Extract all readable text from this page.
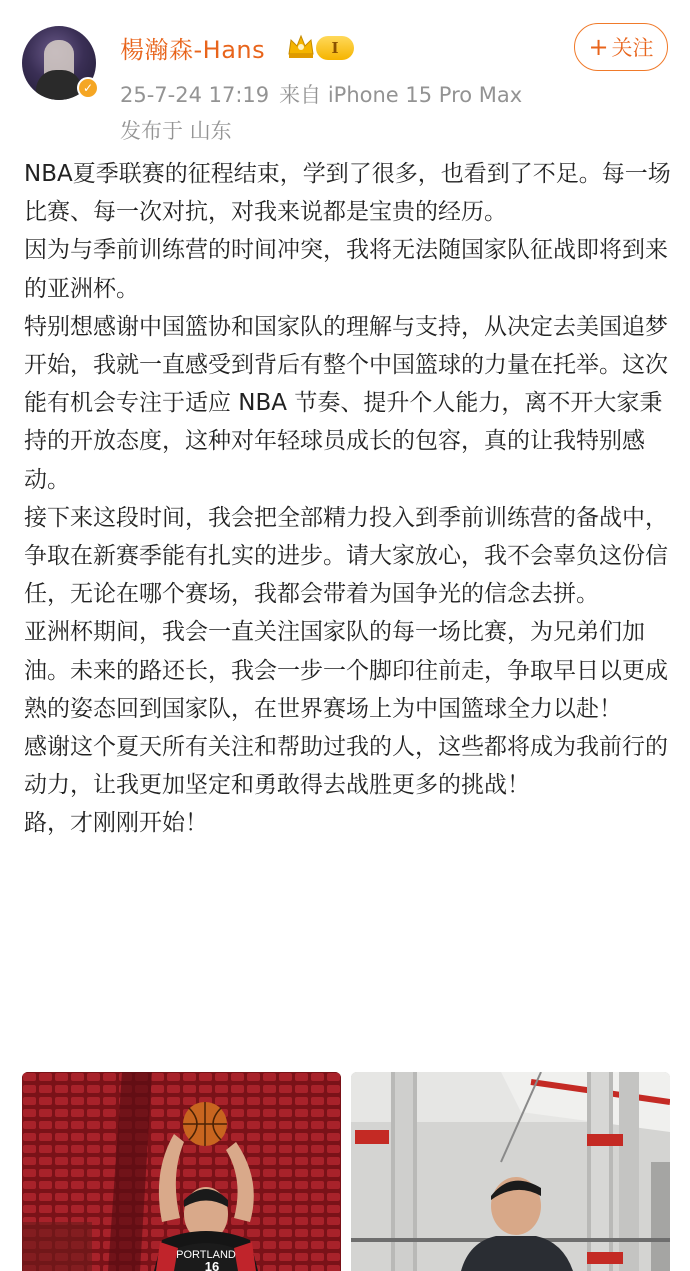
✓
楊瀚森-Hans	I
25-7-24 17:19 来自 iPhone 15 Pro Max
发布于 山东
+ 关注

NBA夏季联赛的征程结束，学到了很多，也看到了不足。每一场比赛、每一次对抗，对我来说都是宝贵的经历。

因为与季前训练营的时间冲突，我将无法随国家队征战即将到来的亚洲杯。

特别想感谢中国篮协和国家队的理解与支持，从决定去美国追梦开始，我就一直感受到背后有整个中国篮球的力量在托举。这次能有机会专注于适应 NBA 节奏、提升个人能力，离不开大家秉持的开放态度，这种对年轻球员成长的包容，真的让我特别感动。

接下来这段时间，我会把全部精力投入到季前训练营的备战中，争取在新赛季能有扎实的进步。请大家放心，我不会辜负这份信任，无论在哪个赛场，我都会带着为国争光的信念去拼。

亚洲杯期间，我会一直关注国家队的每一场比赛，为兄弟们加油。未来的路还长，我会一步一个脚印往前走，争取早日以更成熟的姿态回到国家队，在世界赛场上为中国篮球全力以赴！

感谢这个夏天所有关注和帮助过我的人，这些都将成为我前行的动力，让我更加坚定和勇敢得去战胜更多的挑战！

路，才刚刚开始！

PORTLAND
16
